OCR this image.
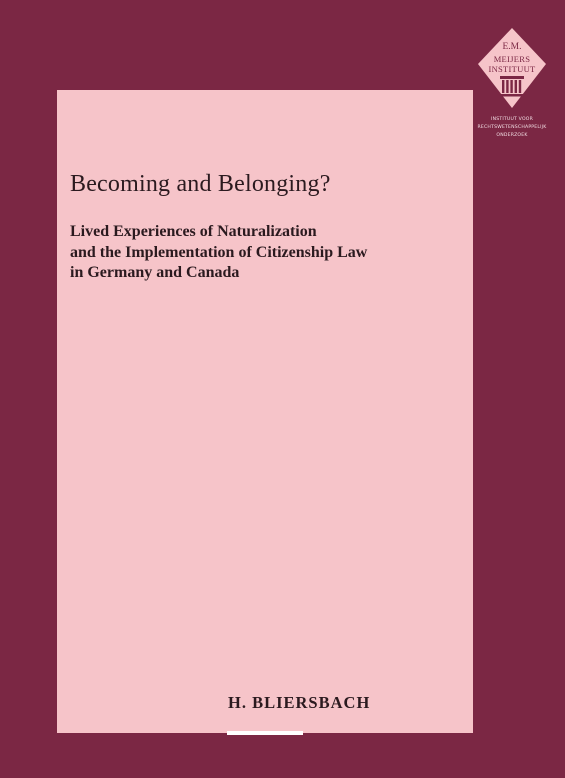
E.M.
MEIJERS
INSTITUUT
INSTITUUT VOOR
RECHTSWETENSCHAPPELIJK
ONDERZOEK
Becoming and Belonging?
Lived Experiences of Naturalization
and the Implementation of Citizenship Law
in Germany and Canada
H. BLIERSBACH
